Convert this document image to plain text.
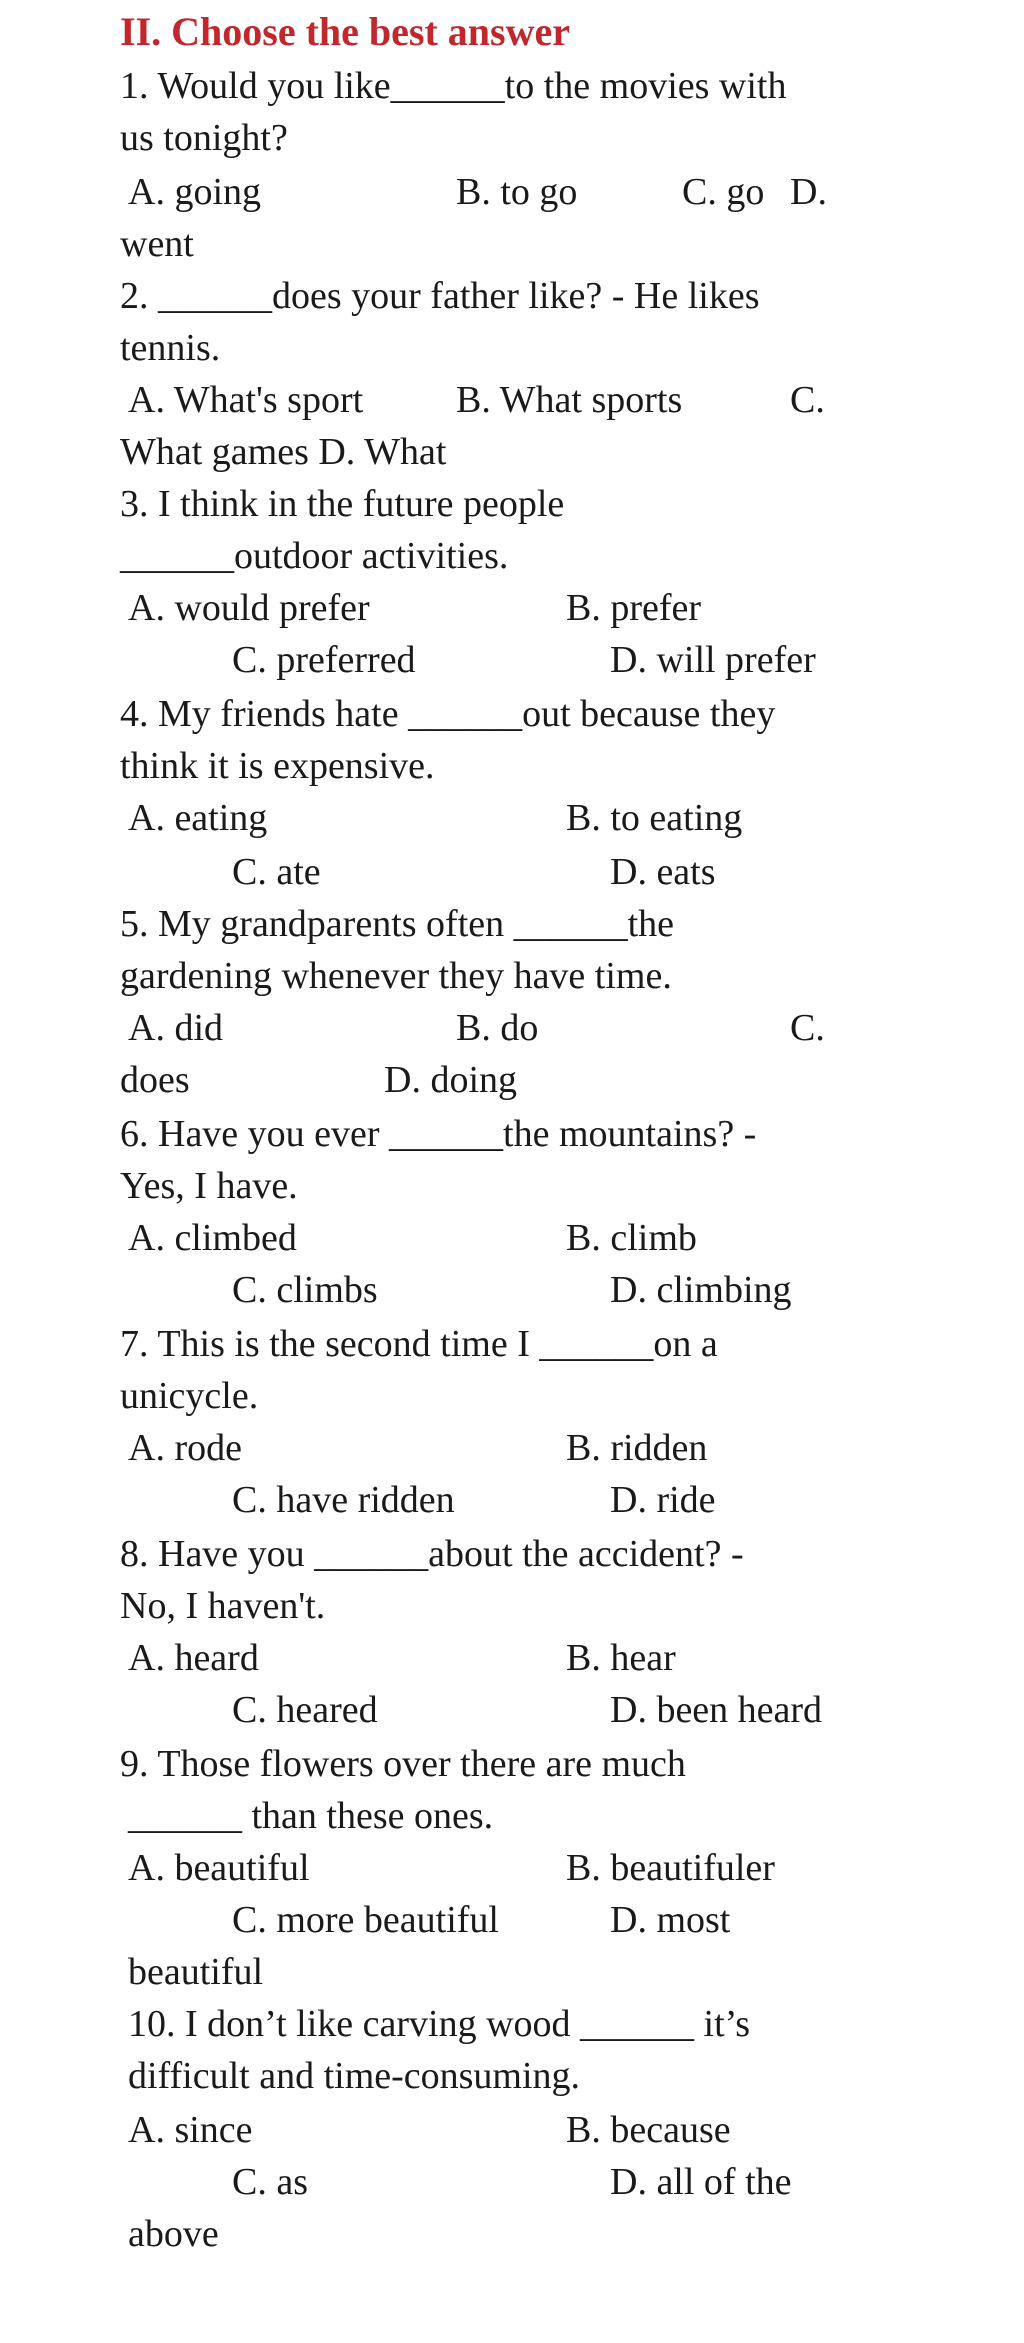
II. Choose the best answer
1. Would you like______to the movies with
us tonight?
A. going	B. to go	C. go D.
went
2. ______does your father like? - He likes
tennis.
A. What's sport B. What sports	C.
What games D. What
3. I think in the future people
______outdoor activities.
A. would prefer	B. prefer
C. preferred	D. will prefer
4. My friends hate ______out because they
think it is expensive.
A. eating	B. to eating
C. ate	D. eats
5. My grandparents often ______the
gardening whenever they have time.
A. did	B. do	C.
does	D. doing
6. Have you ever ______the mountains? -
Yes, I have.
A. climbed	B. climb
C. climbs	D. climbing
7. This is the second time I ______on a
unicycle.
A. rode	B. ridden
C. have ridden	D. ride
8. Have you ______about the accident? -
No, I haven't.
A. heard	B. hear
C. heared	D. been heard
9. Those flowers over there are much
______ than these ones.
A. beautiful	B. beautifuler
C. more beautiful	D. most
beautiful
10. I don’t like carving wood ______ it’s
difficult and time-consuming.
A. since	B. because
C. as	D. all of the
above
